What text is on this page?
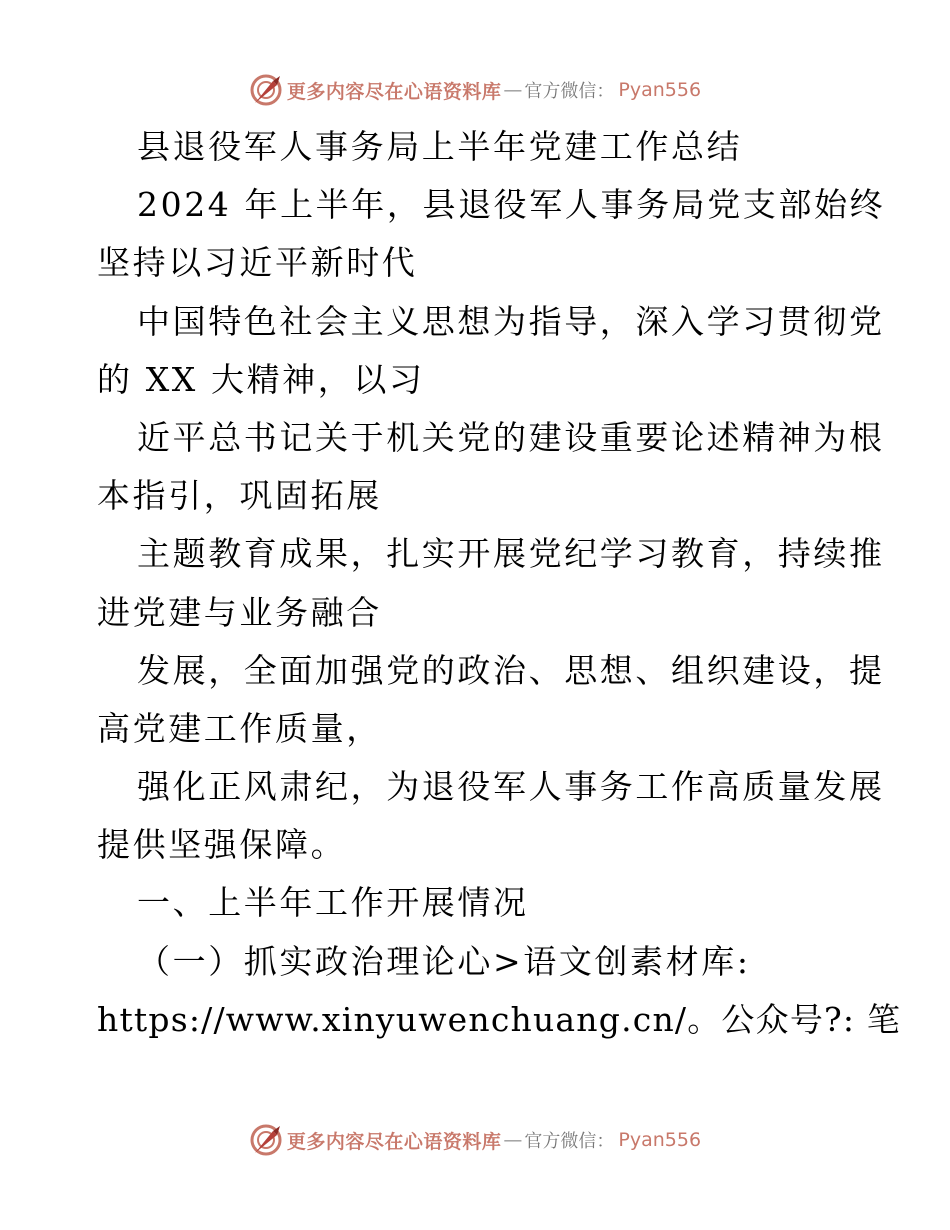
更多内容尽在心语资料库 — 官方微信 ： Pyan556
县退役军人事务局上半年党建工作总结
2024 年上半年，县退役军人事务局党支部始终
坚持以习近平新时代
中国特色社会主义思想为指导，深入学习贯彻党
的 XX 大精神，以习
近平总书记关于机关党的建设重要论述精神为根
本指引，巩固拓展
主题教育成果，扎实开展党纪学习教育，持续推
进党建与业务融合
发展，全面加强党的政治、思想、组织建设，提
高党建工作质量，
强化正风肃纪，为退役军人事务工作高质量发展
提供坚强保障。
一、上半年工作开展情况
（一）抓实政治理论心>语文创素材库:
https://www.xinyuwenchuang.cn/。公众号?: 笔
更多内容尽在心语资料库 — 官方微信 ： Pyan556
